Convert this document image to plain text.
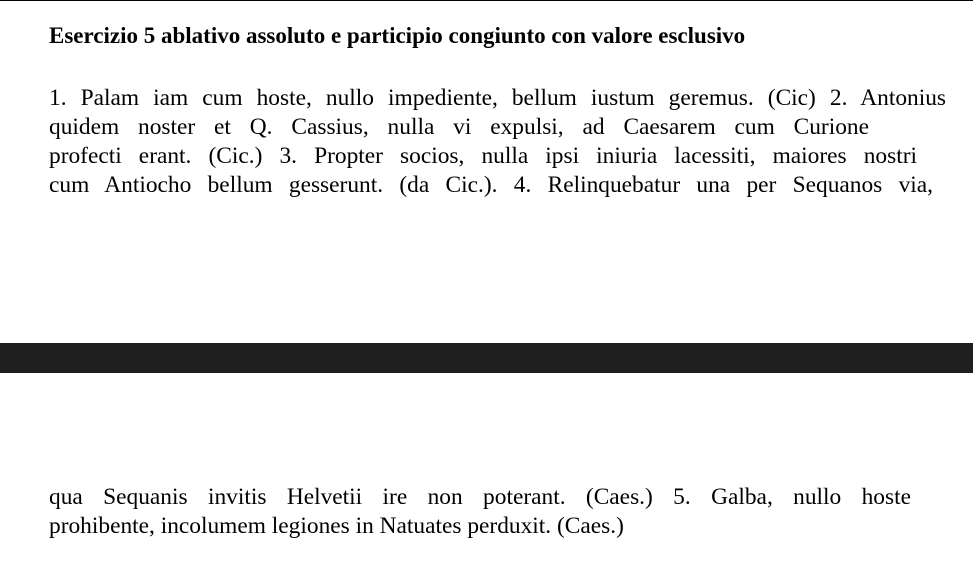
Esercizio 5 ablativo assoluto e participio congiunto con valore esclusivo
1. Palam iam cum hoste, nullo impediente, bellum iustum geremus. (Cic) 2. Antonius
quidem noster et Q. Cassius, nulla vi expulsi, ad Caesarem cum Curione
profecti erant. (Cic.) 3. Propter socios, nulla ipsi iniuria lacessiti, maiores nostri
cum Antiocho bellum gesserunt. (da Cic.). 4. Relinquebatur una per Sequanos via,
qua Sequanis invitis Helvetii ire non poterant. (Caes.) 5. Galba, nullo hoste
prohibente, incolumem legiones in Natuates perduxit. (Caes.)
